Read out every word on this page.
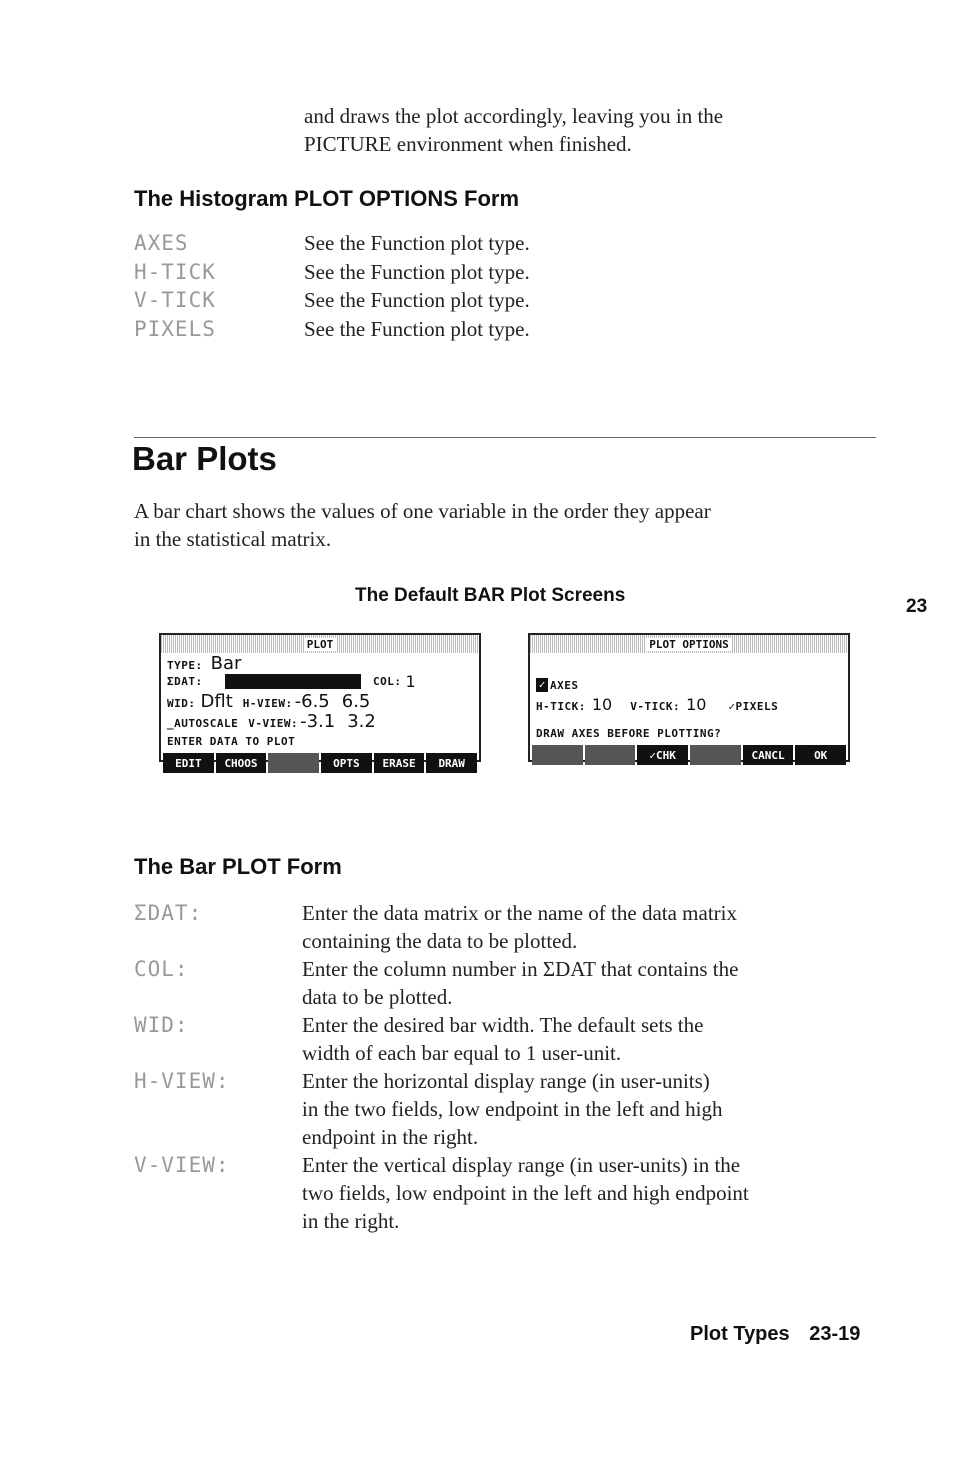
and draws the plot accordingly, leaving you in the
PICTURE environment when finished.
The Histogram PLOT OPTIONS Form
AXES	See the Function plot type.
H-TICK	See the Function plot type.
V-TICK	See the Function plot type.
PIXELS	See the Function plot type.
Bar Plots
A bar chart shows the values of one variable in the order they appear
in the statistical matrix.
The Default BAR Plot Screens
23
PLOT
TYPE: Bar
ΣDAT:	COL: 1
WID: Dflt H-VIEW: -6.5 6.5
_AUTOSCALE V-VIEW: -3.1 3.2
ENTER DATA TO PLOT
EDIT	CHOOS	OPTS	ERASE	DRAW
PLOT OPTIONS
✓ AXES
H-TICK: 10 V-TICK: 10 ✓PIXELS
DRAW AXES BEFORE PLOTTING?
✓CHK	CANCL	OK
The Bar PLOT Form
ΣDAT:	Enter the data matrix or the name of the data matrix
containing the data to be plotted.
COL:	Enter the column number in ΣDAT that contains the
data to be plotted.
WID:	Enter the desired bar width. The default sets the
width of each bar equal to 1 user-unit.
H-VIEW:	Enter the horizontal display range (in user-units)
in the two fields, low endpoint in the left and high
endpoint in the right.
V-VIEW:	Enter the vertical display range (in user-units) in the
two fields, low endpoint in the left and high endpoint
in the right.
Plot Types 23-19
